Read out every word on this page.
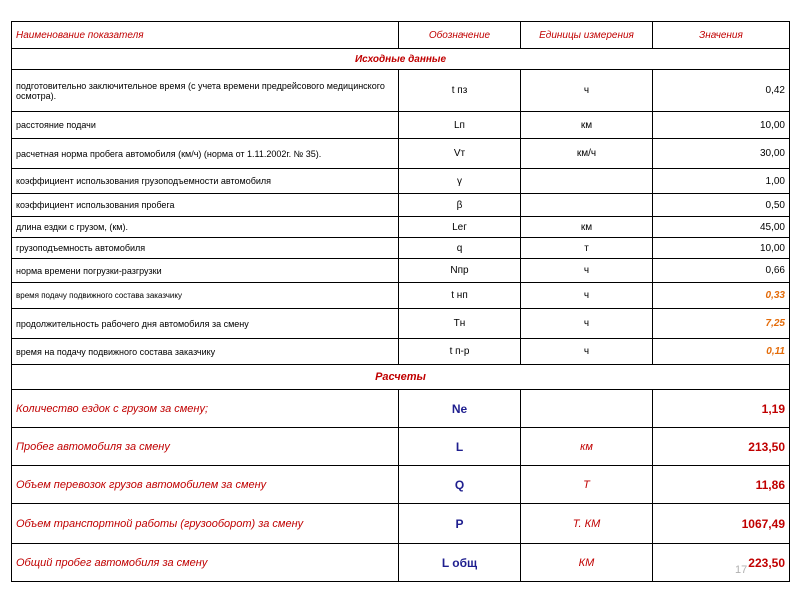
Наименование показателя	Обозначение	Единицы измерения	Значения
Исходные данные			
подготовительно заключительное время (с учета времени предрейсового медицинского осмотра).	t пз	ч	0,42
расстояние подачи	Lп	км	10,00
расчетная норма пробега автомобиля (км/ч) (норма от 1.11.2002г. № 35).	Vт	км/ч	30,00
коэффициент использования грузоподъемности автомобиля	γ		1,00
коэффициент использования пробега	β		0,50
длина ездки с грузом, (км).	Lег	км	45,00
грузоподъемность автомобиля	q	т	10,00
норма времени погрузки-разгрузки	Nпр	ч	0,66
время подачу подвижного состава заказчику	t нп	ч	0,33
продолжительность рабочего дня автомобиля за смену	Tн	ч	7,25
время на подачу подвижного состава заказчику	t п-р	ч	0,11
Расчеты			
Количество ездок с грузом за смену;	Ne		1,19
Пробег автомобиля за смену	L	км	213,50
Объем перевозок грузов автомобилем за смену	Q	Т	11,86
Объем транспортной работы (грузооборот) за смену	Р	Т. КМ	1067,49
Общий пробег автомобиля за смену	L общ	КМ	223,50
17
